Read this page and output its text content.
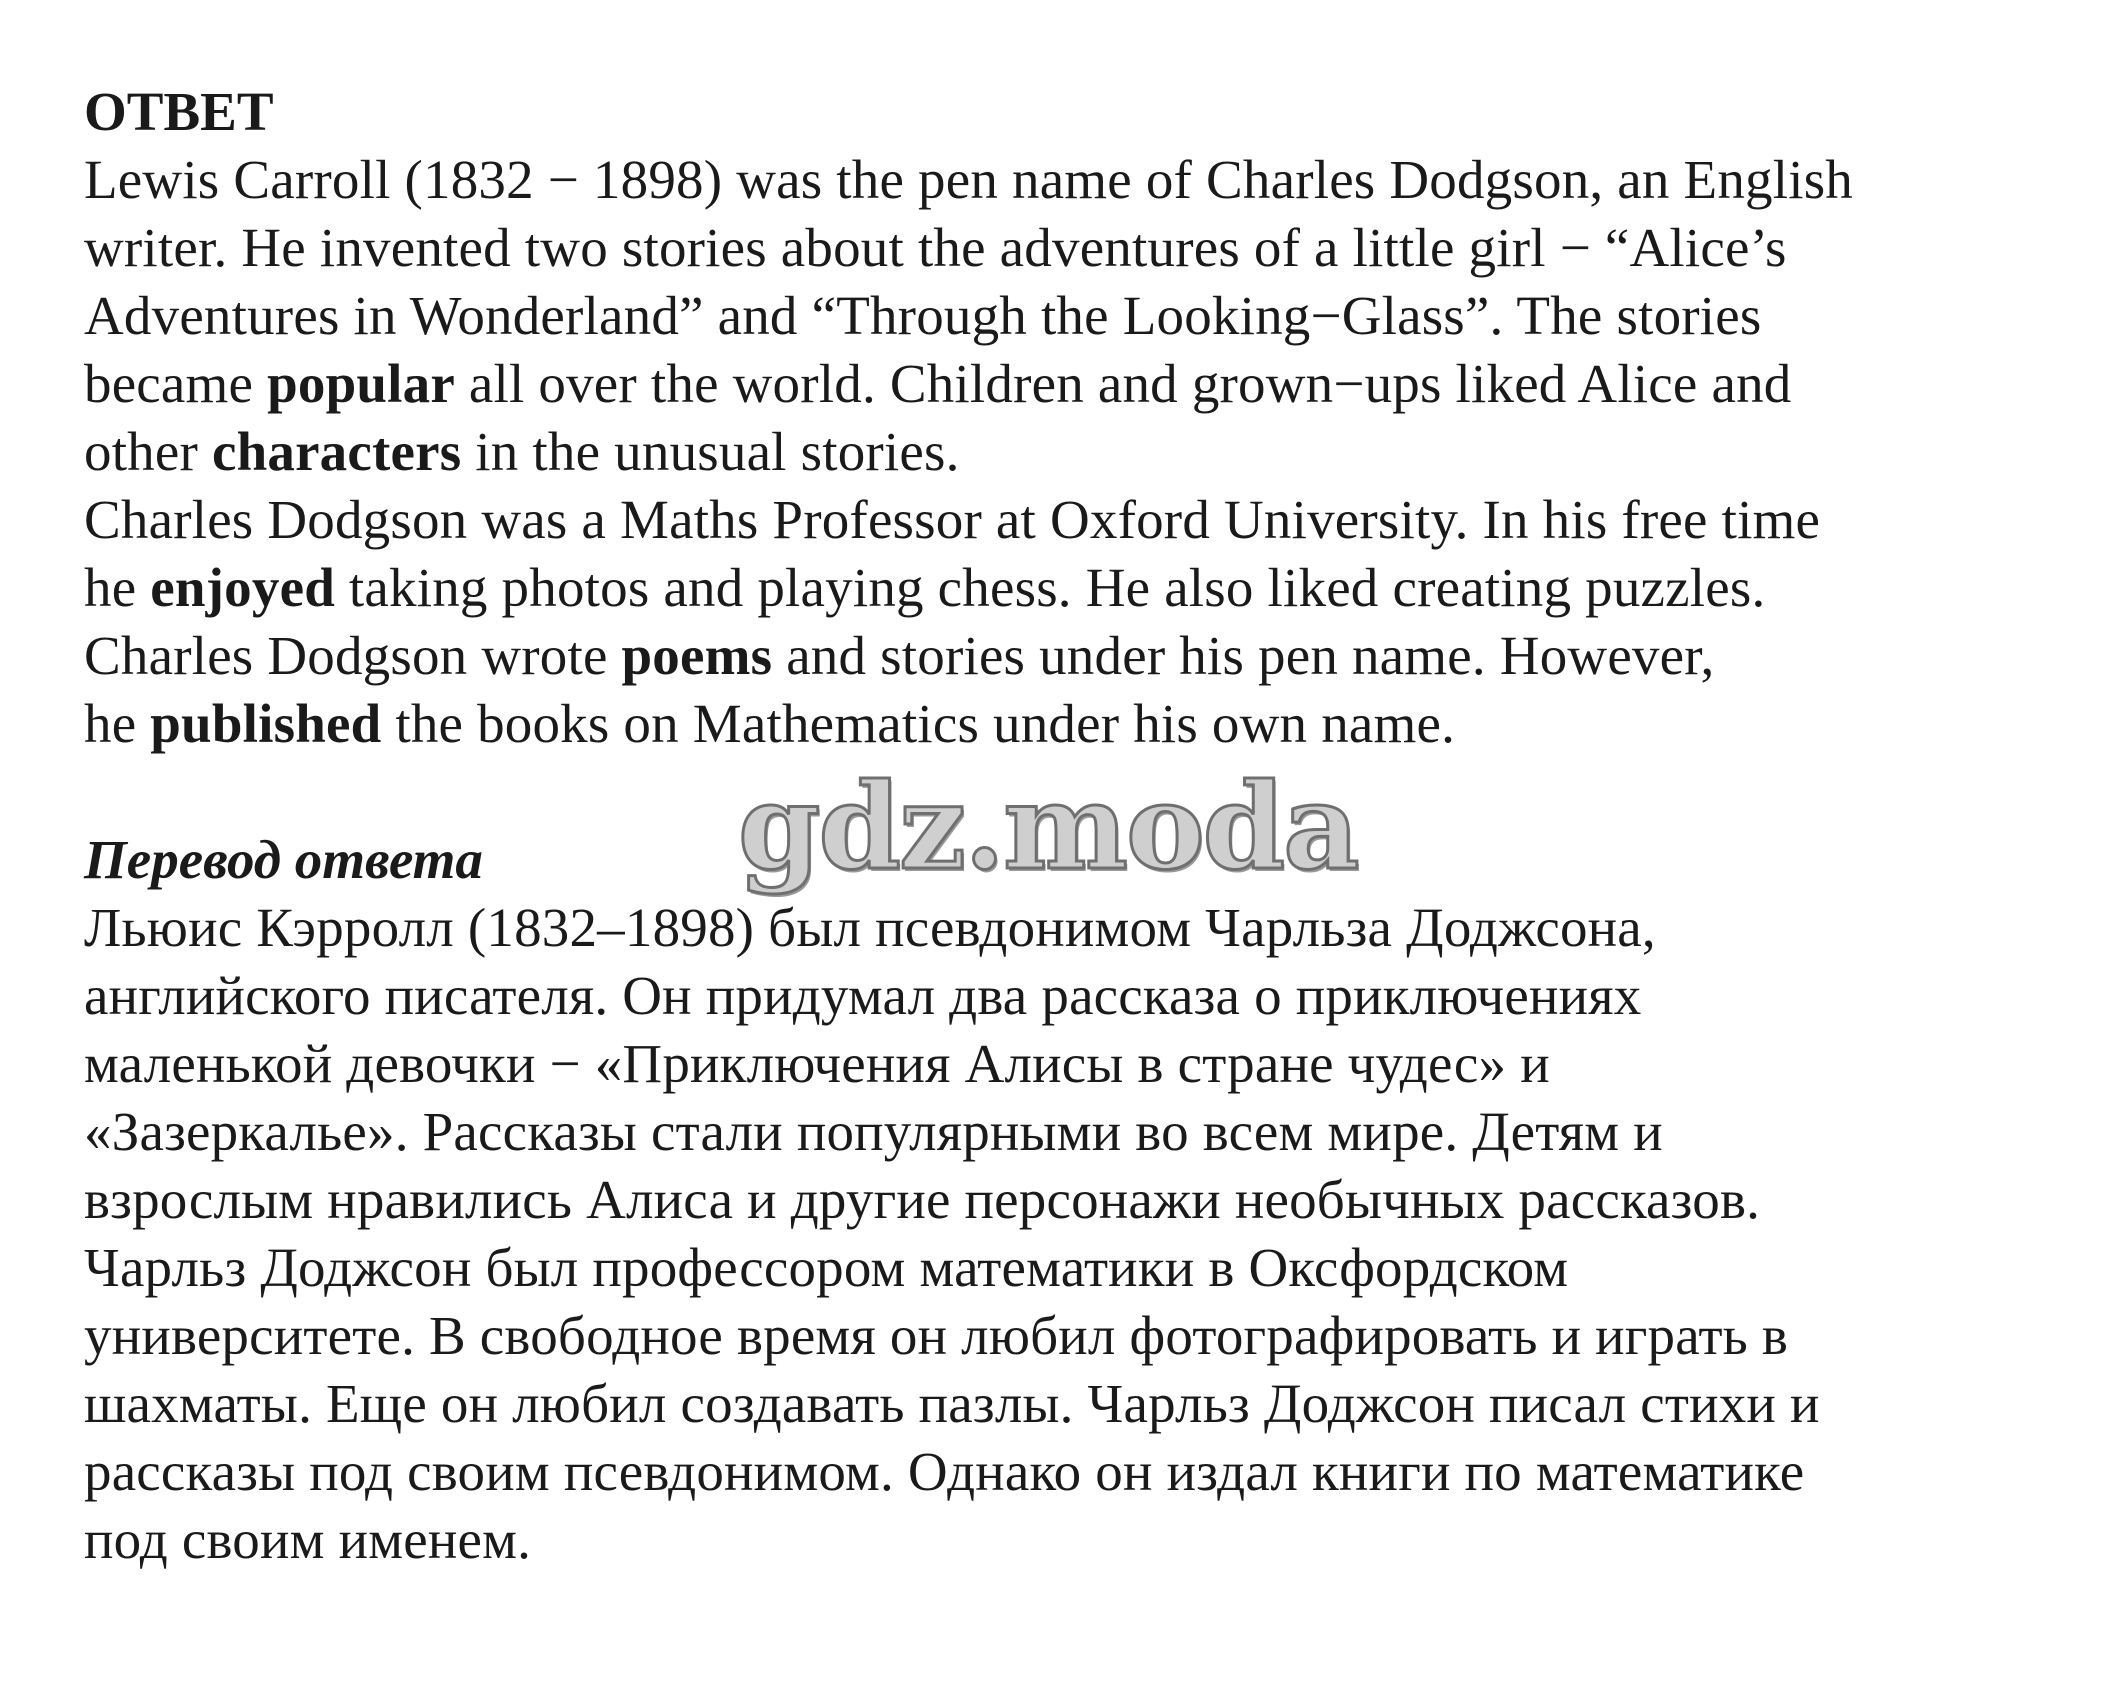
ОТВЕТ
Lewis Carroll (1832 − 1898) was the pen name of Charles Dodgson, an English
writer. He invented two stories about the adventures of a little girl − “Alice’s
Adventures in Wonderland” and “Through the Looking−Glass”. The stories
became popular all over the world. Children and grown−ups liked Alice and
other characters in the unusual stories.
Charles Dodgson was a Maths Professor at Oxford University. In his free time
he enjoyed taking photos and playing chess. He also liked creating puzzles.
Charles Dodgson wrote poems and stories under his pen name. However,
he published the books on Mathematics under his own name.
Перевод ответа
Льюис Кэрролл (1832–1898) был псевдонимом Чарльза Доджсона,
английского писателя. Он придумал два рассказа о приключениях
маленькой девочки − «Приключения Алисы в стране чудес» и
«Зазеркалье». Рассказы стали популярными во всем мире. Детям и
взрослым нравились Алиса и другие персонажи необычных рассказов.
Чарльз Доджсон был профессором математики в Оксфордском
университете. В свободное время он любил фотографировать и играть в
шахматы. Еще он любил создавать пазлы. Чарльз Доджсон писал стихи и
рассказы под своим псевдонимом. Однако он издал книги по математике
под своим именем.
gdz.moda
